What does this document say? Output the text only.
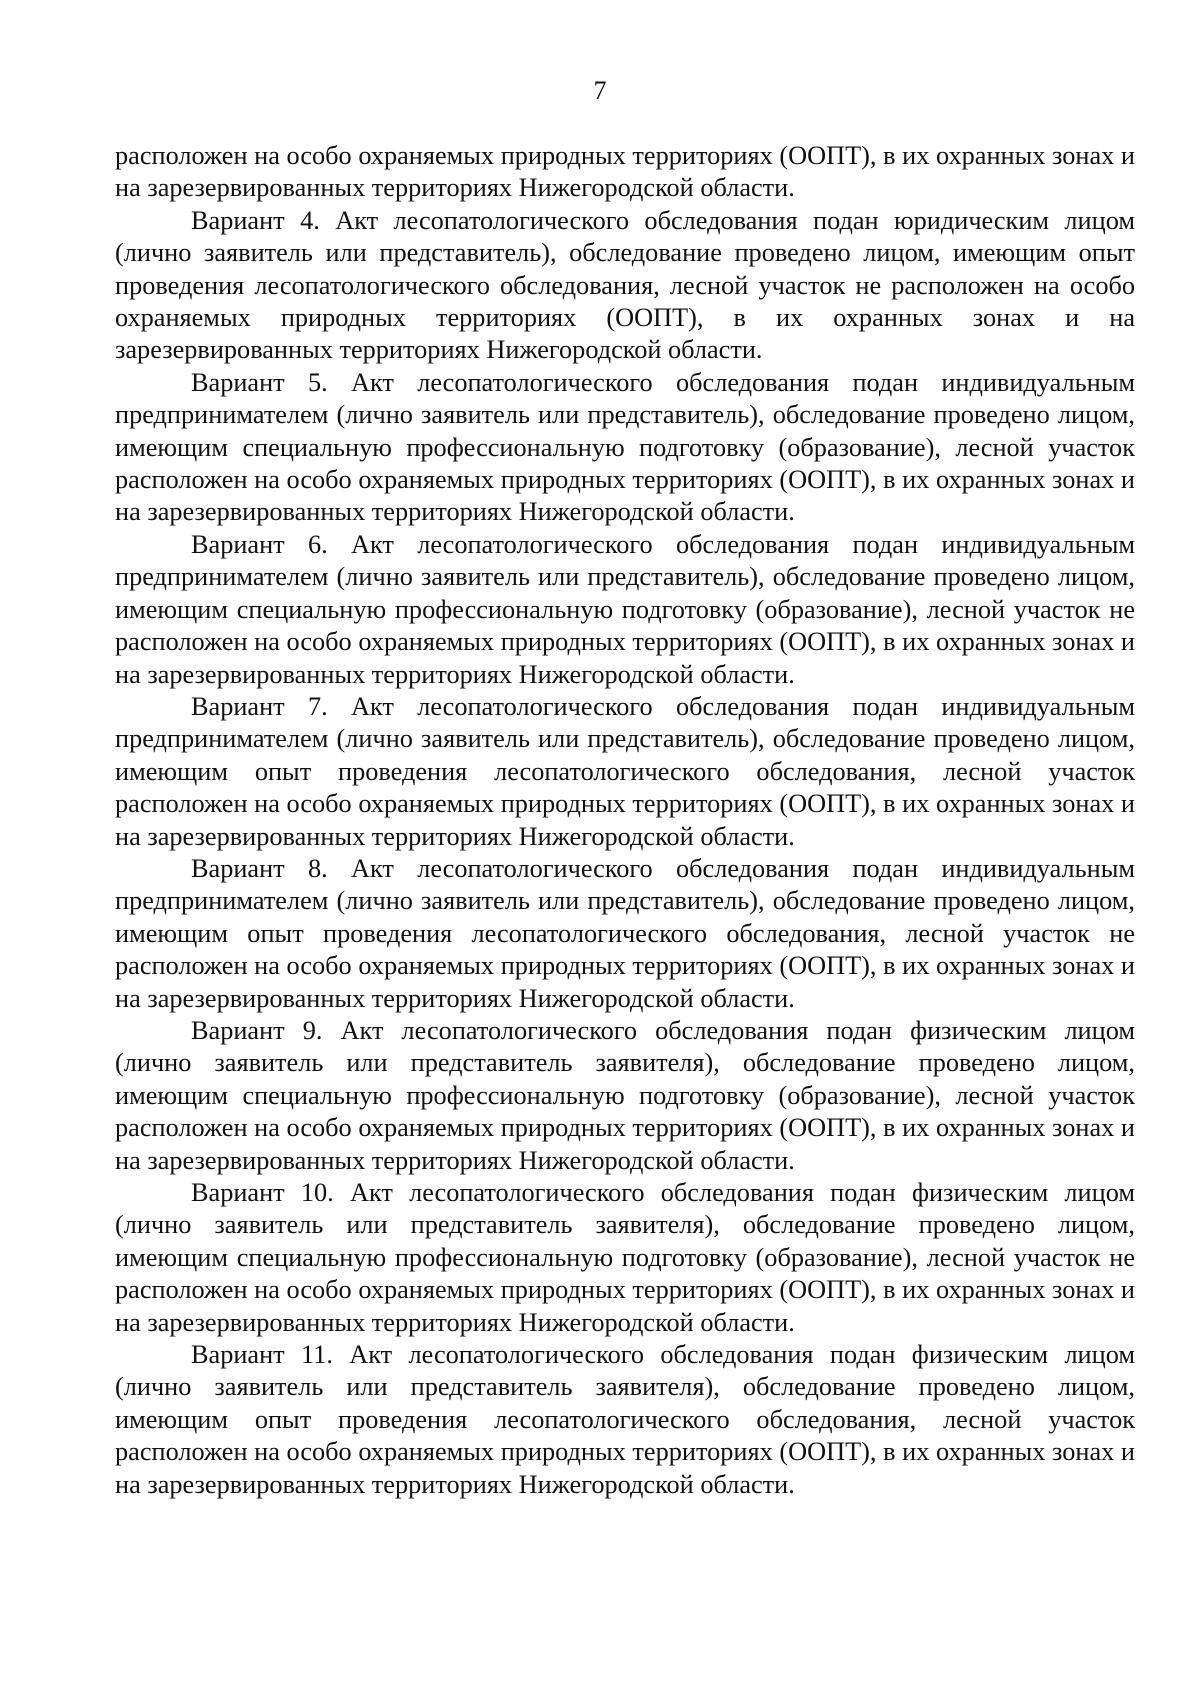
7

расположен на особо охраняемых природных территориях (ООПТ), в их охранных зонах и на зарезервированных территориях Нижегородской области.

Вариант 4. Акт лесопатологического обследования подан юридическим лицом (лично заявитель или представитель), обследование проведено лицом, имеющим опыт проведения лесопатологического обследования, лесной участок не расположен на особо охраняемых природных территориях (ООПТ), в их охранных зонах и на зарезервированных территориях Нижегородской области.

Вариант 5. Акт лесопатологического обследования подан индивидуальным предпринимателем (лично заявитель или представитель), обследование проведено лицом, имеющим специальную профессиональную подготовку (образование), лесной участок расположен на особо охраняемых природных территориях (ООПТ), в их охранных зонах и на зарезервированных территориях Нижегородской области.

Вариант 6. Акт лесопатологического обследования подан индивидуальным предпринимателем (лично заявитель или представитель), обследование проведено лицом, имеющим специальную профессиональную подготовку (образование), лесной участок не расположен на особо охраняемых природных территориях (ООПТ), в их охранных зонах и на зарезервированных территориях Нижегородской области.

Вариант 7. Акт лесопатологического обследования подан индивидуальным предпринимателем (лично заявитель или представитель), обследование проведено лицом, имеющим опыт проведения лесопатологического обследования, лесной участок расположен на особо охраняемых природных территориях (ООПТ), в их охранных зонах и на зарезервированных территориях Нижегородской области.

Вариант 8. Акт лесопатологического обследования подан индивидуальным предпринимателем (лично заявитель или представитель), обследование проведено лицом, имеющим опыт проведения лесопатологического обследования, лесной участок не расположен на особо охраняемых природных территориях (ООПТ), в их охранных зонах и на зарезервированных территориях Нижегородской области.

Вариант 9. Акт лесопатологического обследования подан физическим лицом (лично заявитель или представитель заявителя), обследование проведено лицом, имеющим специальную профессиональную подготовку (образование), лесной участок расположен на особо охраняемых природных территориях (ООПТ), в их охранных зонах и на зарезервированных территориях Нижегородской области.

Вариант 10. Акт лесопатологического обследования подан физическим лицом (лично заявитель или представитель заявителя), обследование проведено лицом, имеющим специальную профессиональную подготовку (образование), лесной участок не расположен на особо охраняемых природных территориях (ООПТ), в их охранных зонах и на зарезервированных территориях Нижегородской области.

Вариант 11. Акт лесопатологического обследования подан физическим лицом (лично заявитель или представитель заявителя), обследование проведено лицом, имеющим опыт проведения лесопатологического обследования, лесной участок расположен на особо охраняемых природных территориях (ООПТ), в их охранных зонах и на зарезервированных территориях Нижегородской области.
